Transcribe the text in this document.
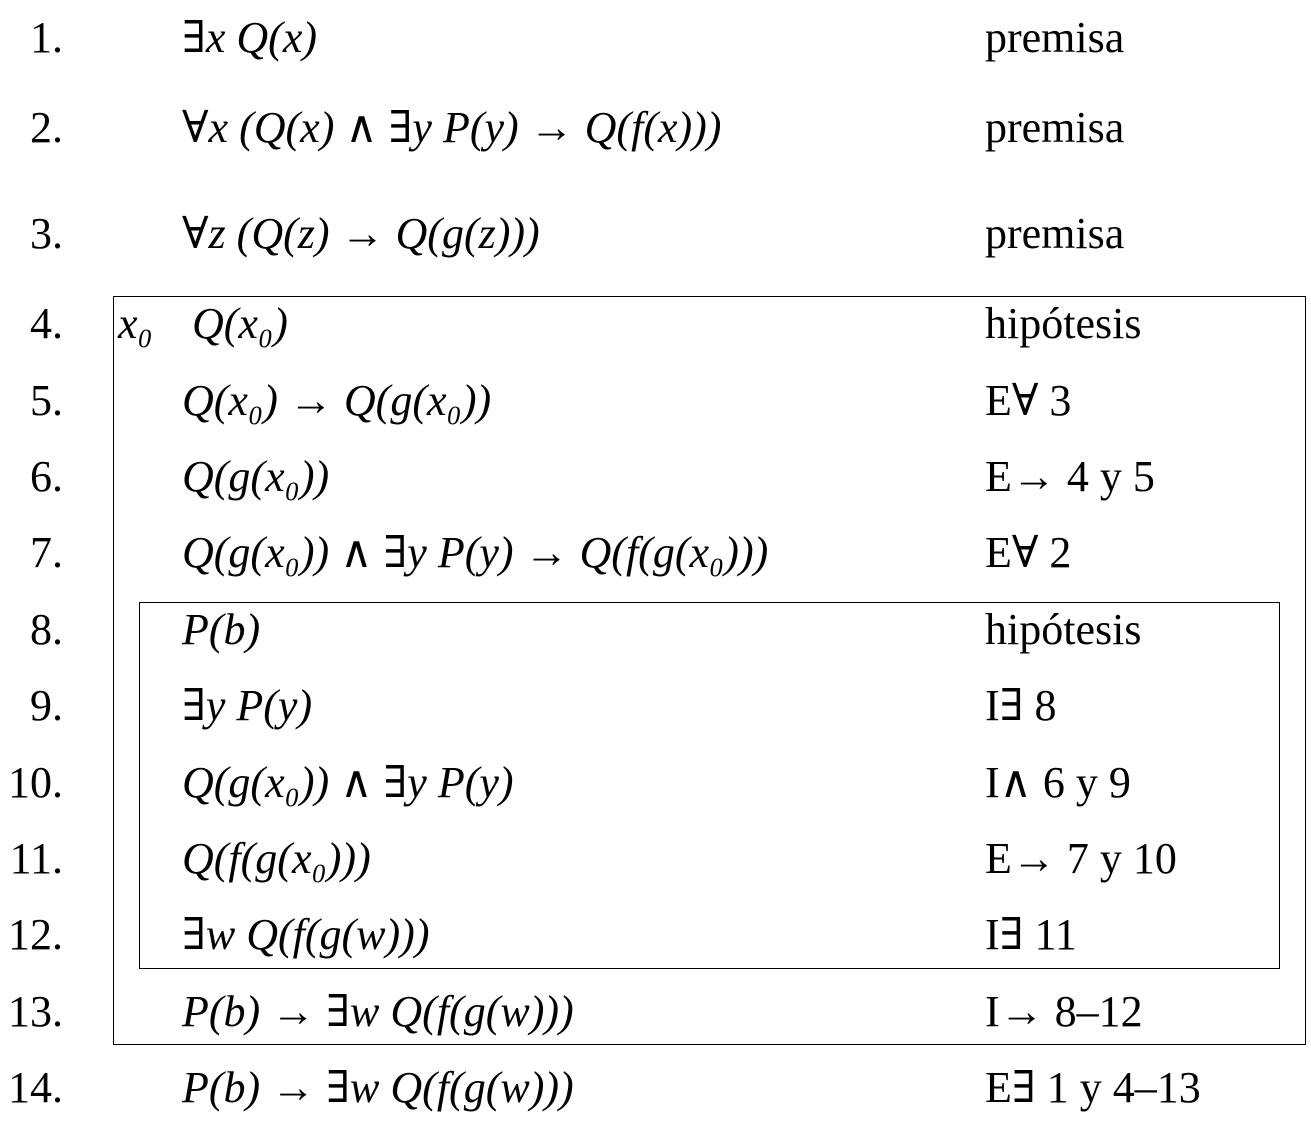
1.	∃x Q(x)	premisa
2.	∀x (Q(x) ∧ ∃y P(y) → Q(f(x)))	premisa
3.	∀z (Q(z) → Q(g(z)))	premisa
4. x₀ Q(x₀)	hipótesis
5.	Q(x₀) → Q(g(x₀))	E∀ 3
6.	Q(g(x₀))	E→ 4 y 5
7.	Q(g(x₀)) ∧ ∃y P(y) → Q(f(g(x₀)))	E∀ 2
8.	P(b)	hipótesis
9.	∃y P(y)	I∃ 8
10.	Q(g(x₀)) ∧ ∃y P(y)	I∧ 6 y 9
11.	Q(f(g(x₀)))	E→ 7 y 10
12.	∃w Q(f(g(w)))	I∃ 11
13.	P(b) → ∃w Q(f(g(w)))	I→ 8–12
14.	P(b) → ∃w Q(f(g(w)))	E∃ 1 y 4–13
